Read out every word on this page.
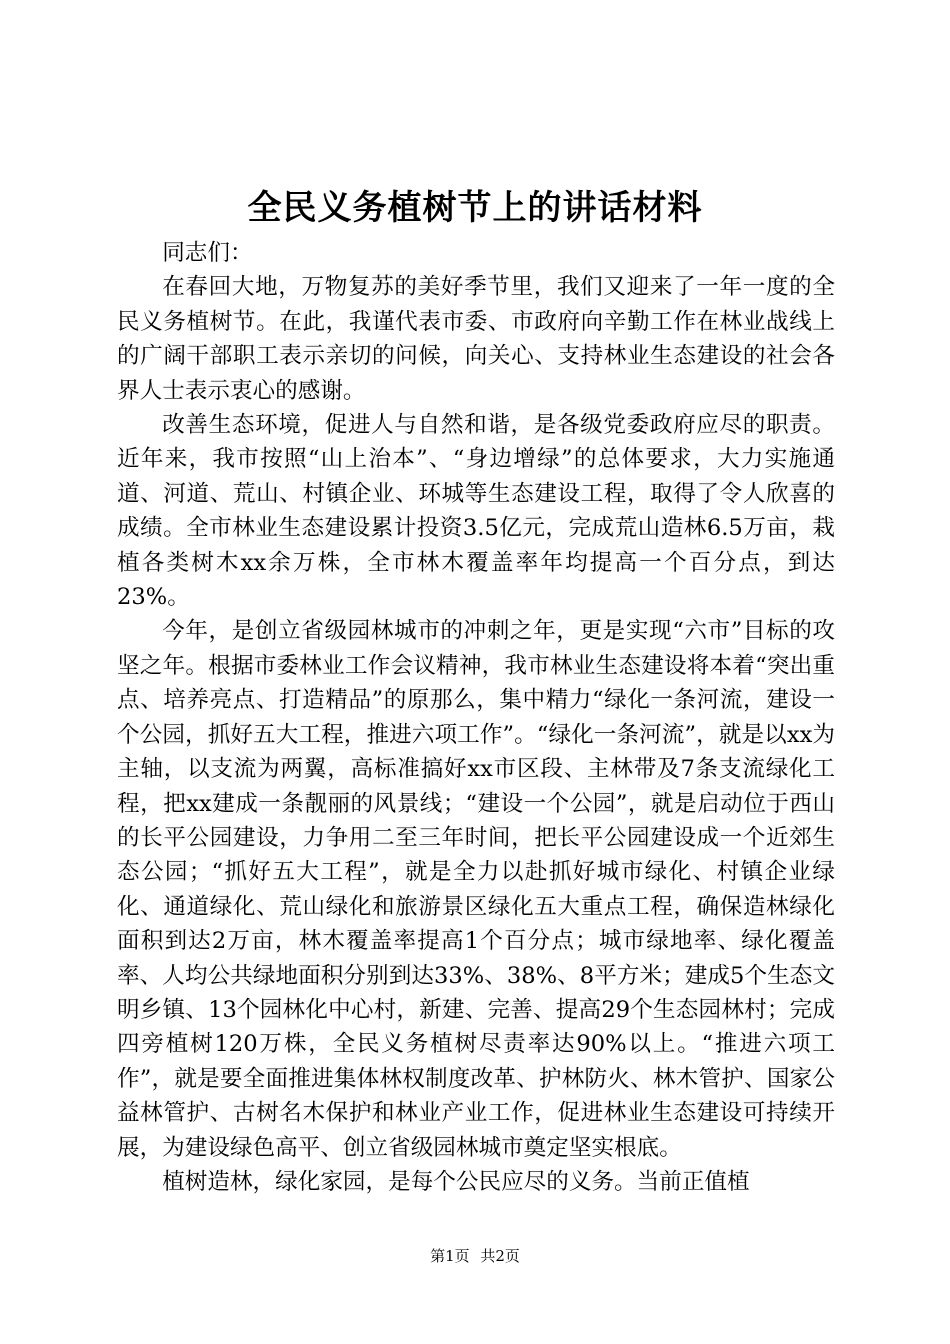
全民义务植树节上的讲话材料

同志们：

在春回大地，万物复苏的美好季节里，我们又迎来了一年一度的全民义务植树节。在此，我谨代表市委、市政府向辛勤工作在林业战线上的广阔干部职工表示亲切的问候，向关心、支持林业生态建设的社会各界人士表示衷心的感谢。

改善生态环境，促进人与自然和谐，是各级党委政府应尽的职责。近年来，我市按照“山上治本”、“身边增绿”的总体要求，大力实施通道、河道、荒山、村镇企业、环城等生态建设工程，取得了令人欣喜的成绩。全市林业生态建设累计投资3.5亿元，完成荒山造林6.5万亩，栽植各类树木xx余万株，全市林木覆盖率年均提高一个百分点，到达23%。

今年，是创立省级园林城市的冲刺之年，更是实现“六市”目标的攻坚之年。根据市委林业工作会议精神，我市林业生态建设将本着“突出重点、培养亮点、打造精品”的原那么，集中精力“绿化一条河流，建设一个公园，抓好五大工程，推进六项工作”。“绿化一条河流”，就是以xx为主轴，以支流为两翼，高标准搞好xx市区段、主林带及7条支流绿化工程，把xx建成一条靓丽的风景线；“建设一个公园”，就是启动位于西山的长平公园建设，力争用二至三年时间，把长平公园建设成一个近郊生态公园；“抓好五大工程”，就是全力以赴抓好城市绿化、村镇企业绿化、通道绿化、荒山绿化和旅游景区绿化五大重点工程，确保造林绿化面积到达2万亩，林木覆盖率提高1个百分点；城市绿地率、绿化覆盖率、人均公共绿地面积分别到达33%、38%、8平方米；建成5个生态文明乡镇、13个园林化中心村，新建、完善、提高29个生态园林村；完成四旁植树120万株，全民义务植树尽责率达90%以上。“推进六项工作”，就是要全面推进集体林权制度改革、护林防火、林木管护、国家公益林管护、古树名木保护和林业产业工作，促进林业生态建设可持续开展，为建设绿色高平、创立省级园林城市奠定坚实根底。

植树造林，绿化家园，是每个公民应尽的义务。当前正值植

第1页 共2页
